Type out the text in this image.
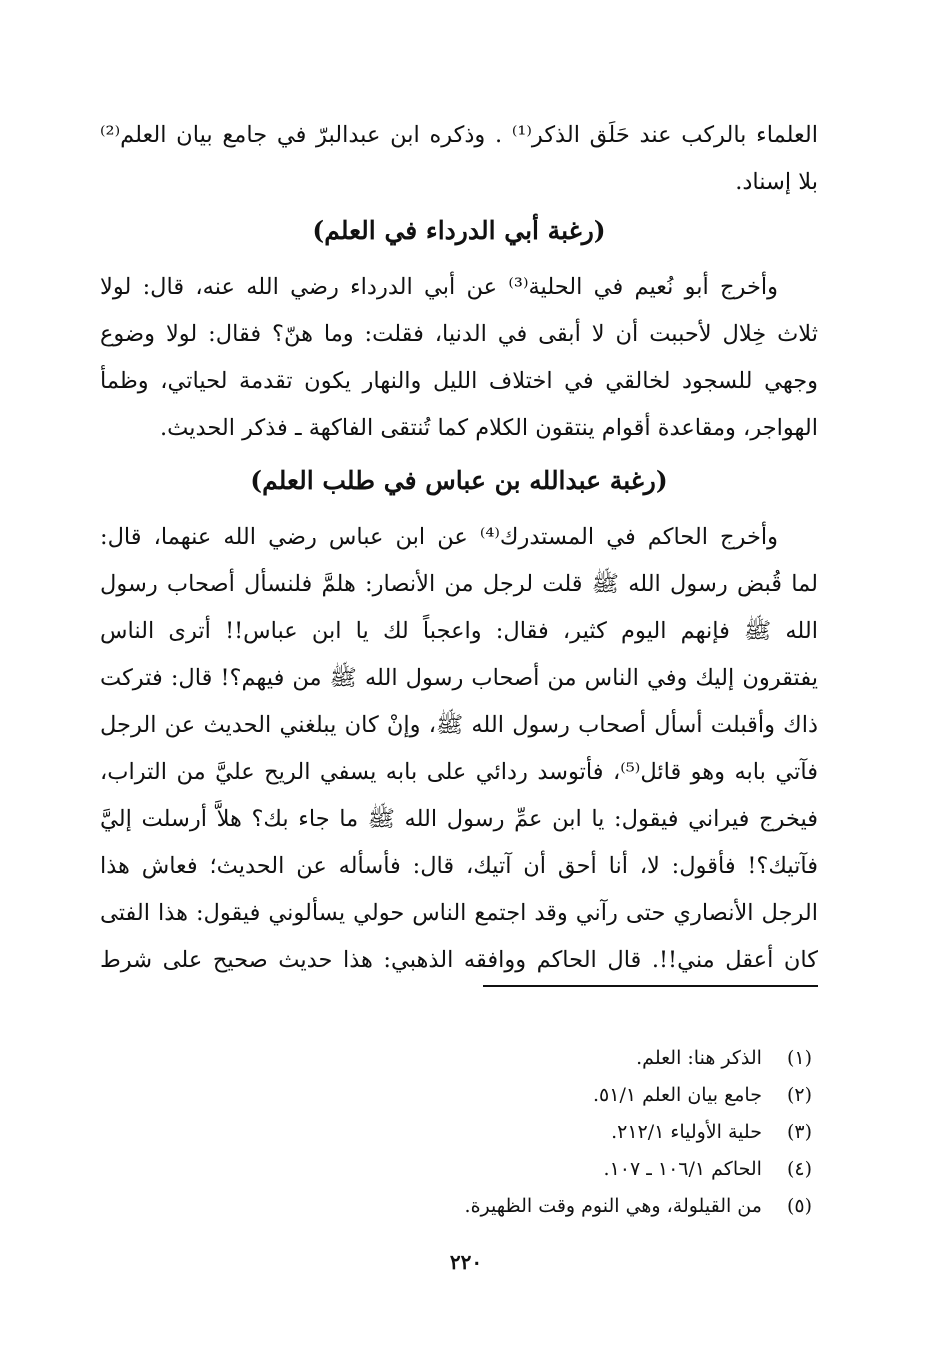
العلماء بالركب عند حَلَق الذكر⁽¹⁾ . وذكره ابن عبدالبرّ في جامع بيان العلم⁽²⁾
بلا إسناد.
(رغبة أبي الدرداء في العلم)
وأخرج أبو نُعيم في الحلية⁽³⁾ عن أبي الدرداء رضي الله عنه، قال: لولا
ثلاث خِلال لأحببت أن لا أبقى في الدنيا، فقلت: وما هنّ؟ فقال: لولا وضوع
وجهي للسجود لخالقي في اختلاف الليل والنهار يكون تقدمة لحياتي، وظمأ
الهواجر، ومقاعدة أقوام ينتقون الكلام كما تُنتقى الفاكهة ـ فذكر الحديث.
(رغبة عبدالله بن عباس في طلب العلم)
وأخرج الحاكم في المستدرك⁽⁴⁾ عن ابن عباس رضي الله عنهما، قال:
لما قُبض رسول الله ﷺ قلت لرجل من الأنصار: هلمَّ فلنسأل أصحاب رسول
الله ﷺ فإنهم اليوم كثير، فقال: واعجباً لك يا ابن عباس!! أترى الناس
يفتقرون إليك وفي الناس من أصحاب رسول الله ﷺ من فيهم؟! قال: فتركت
ذاك وأقبلت أسأل أصحاب رسول الله ﷺ، وإنْ كان يبلغني الحديث عن الرجل
فآتي بابه وهو قائل⁽⁵⁾، فأتوسد ردائي على بابه يسفي الريح عليَّ من التراب،
فيخرج فيراني فيقول: يا ابن عمِّ رسول الله ﷺ ما جاء بك؟ هلاَّ أرسلت إليَّ
فآتيك؟! فأقول: لا، أنا أحق أن آتيك، قال: فأسأله عن الحديث؛ فعاش هذا
الرجل الأنصاري حتى رآني وقد اجتمع الناس حولي يسألوني فيقول: هذا الفتى
كان أعقل مني!!. قال الحاكم ووافقه الذهبي: هذا حديث صحيح على شرط
(١) الذكر هنا: العلم.
(٢) جامع بيان العلم ٥١/١.
(٣) حلية الأولياء ٢١٢/١.
(٤) الحاكم ١٠٦/١ ـ ١٠٧.
(٥) من القيلولة، وهي النوم وقت الظهيرة.
٢٢٠
